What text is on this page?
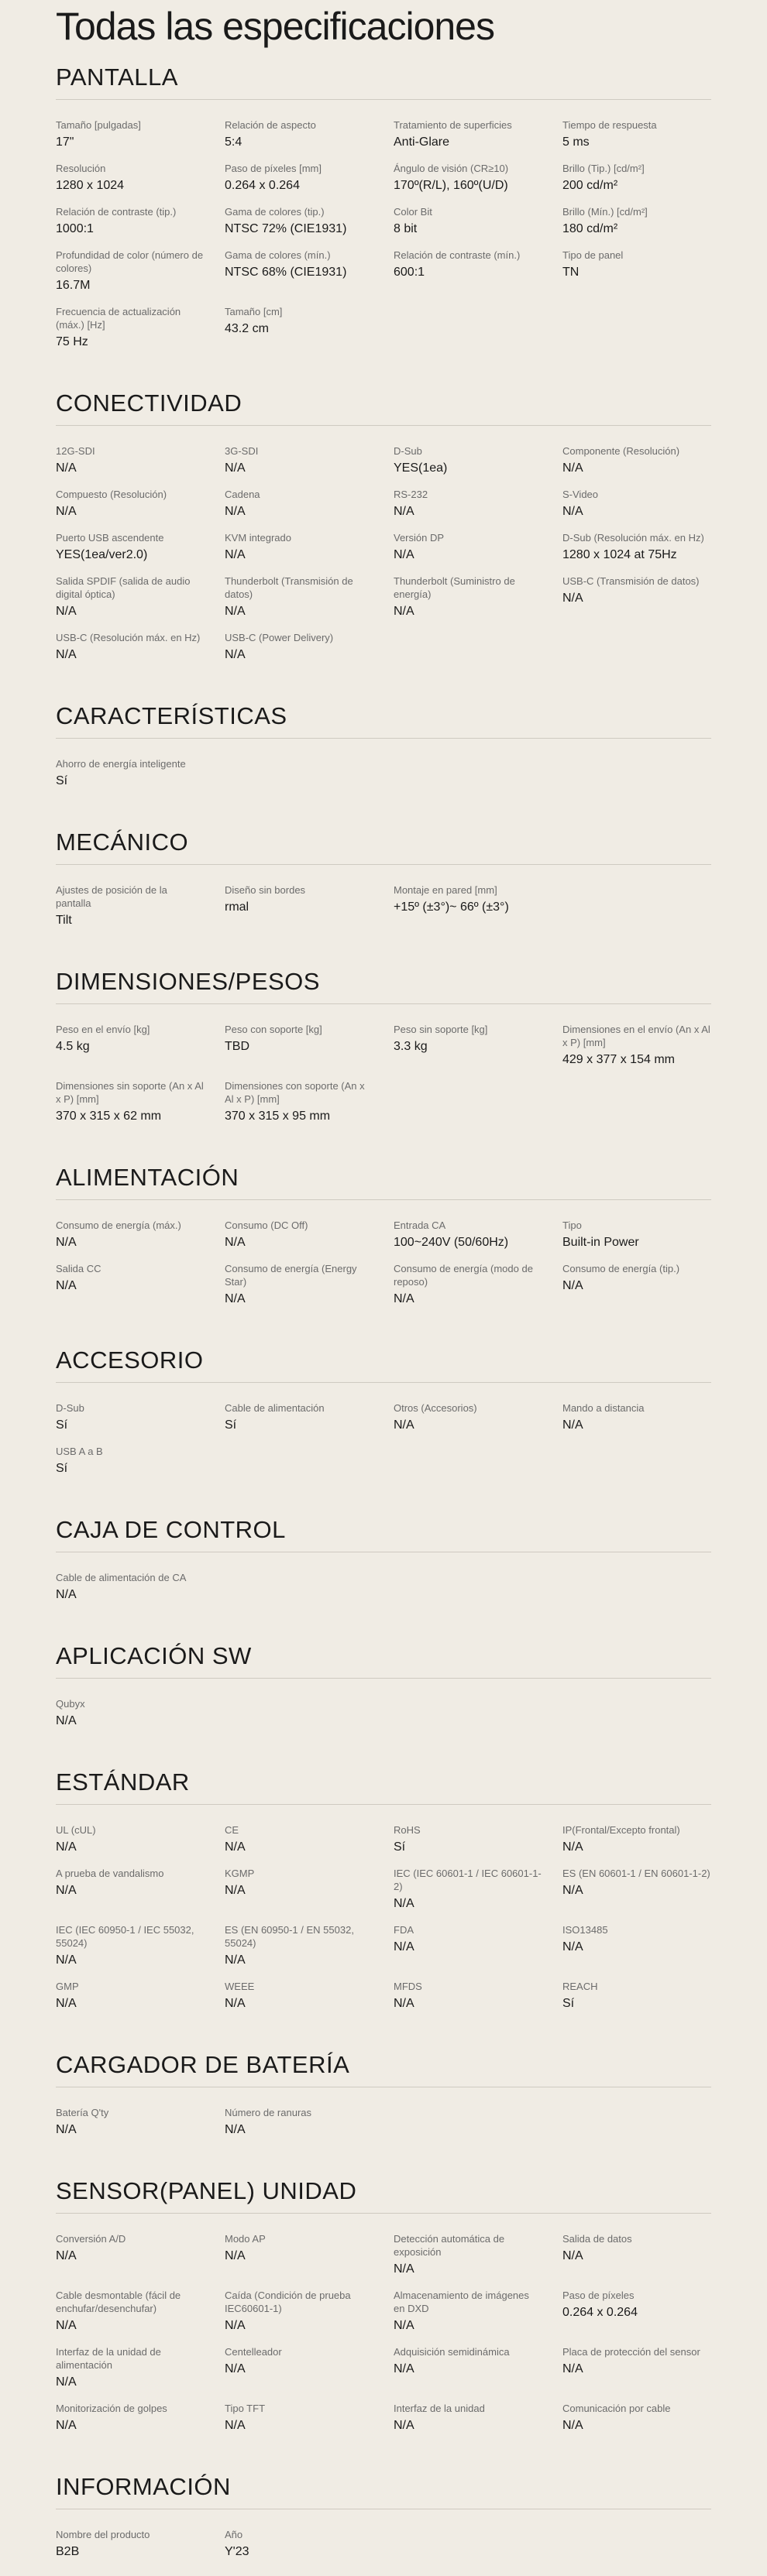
Todas las especificaciones
PANTALLA
Tamaño [pulgadas]
17"
Relación de aspecto
5:4
Tratamiento de superficies
Anti-Glare
Tiempo de respuesta
5 ms
Resolución
1280 x 1024
Paso de píxeles [mm]
0.264 x 0.264
Ángulo de visión (CR≥10)
170º(R/L), 160º(U/D)
Brillo (Tip.) [cd/m²]
200 cd/m²
Relación de contraste (tip.)
1000:1
Gama de colores (tip.)
NTSC 72% (CIE1931)
Color Bit
8 bit
Brillo (Mín.) [cd/m²]
180 cd/m²
Profundidad de color (número de colores)
16.7M
Gama de colores (mín.)
NTSC 68% (CIE1931)
Relación de contraste (mín.)
600:1
Tipo de panel
TN
Frecuencia de actualización (máx.) [Hz]
75 Hz
Tamaño [cm]
43.2 cm
CONECTIVIDAD
12G-SDI
N/A
3G-SDI
N/A
D-Sub
YES(1ea)
Componente (Resolución)
N/A
Compuesto (Resolución)
N/A
Cadena
N/A
RS-232
N/A
S-Video
N/A
Puerto USB ascendente
YES(1ea/ver2.0)
KVM integrado
N/A
Versión DP
N/A
D-Sub (Resolución máx. en Hz)
1280 x 1024 at 75Hz
Salida SPDIF (salida de audio digital óptica)
N/A
Thunderbolt (Transmisión de datos)
N/A
Thunderbolt (Suministro de energía)
N/A
USB-C (Transmisión de datos)
N/A
USB-C (Resolución máx. en Hz)
N/A
USB-C (Power Delivery)
N/A
CARACTERÍSTICAS
Ahorro de energía inteligente
Sí
MECÁNICO
Ajustes de posición de la pantalla
Tilt
Diseño sin bordes
rmal
Montaje en pared [mm]
+15º (±3°)~ 66º (±3°)
DIMENSIONES/PESOS
Peso en el envío [kg]
4.5 kg
Peso con soporte [kg]
TBD
Peso sin soporte [kg]
3.3 kg
Dimensiones en el envío (An x Al x P) [mm]
429 x 377 x 154 mm
Dimensiones sin soporte (An x Al x P) [mm]
370 x 315 x 62 mm
Dimensiones con soporte (An x Al x P) [mm]
370 x 315 x 95 mm
ALIMENTACIÓN
Consumo de energía (máx.)
N/A
Consumo (DC Off)
N/A
Entrada CA
100~240V (50/60Hz)
Tipo
Built-in Power
Salida CC
N/A
Consumo de energía (Energy Star)
N/A
Consumo de energía (modo de reposo)
N/A
Consumo de energía (tip.)
N/A
ACCESORIO
D-Sub
Sí
Cable de alimentación
Sí
Otros (Accesorios)
N/A
Mando a distancia
N/A
USB A a B
Sí
CAJA DE CONTROL
Cable de alimentación de CA
N/A
APLICACIÓN SW
Qubyx
N/A
ESTÁNDAR
UL (cUL)
N/A
CE
N/A
RoHS
Sí
IP(Frontal/Excepto frontal)
N/A
A prueba de vandalismo
N/A
KGMP
N/A
IEC (IEC 60601-1 / IEC 60601-1-2)
N/A
ES (EN 60601-1 / EN 60601-1-2)
N/A
IEC (IEC 60950-1 / IEC 55032, 55024)
N/A
ES (EN 60950-1 / EN 55032, 55024)
N/A
FDA
N/A
ISO13485
N/A
GMP
N/A
WEEE
N/A
MFDS
N/A
REACH
Sí
CARGADOR DE BATERÍA
Batería Q'ty
N/A
Número de ranuras
N/A
SENSOR(PANEL) UNIDAD
Conversión A/D
N/A
Modo AP
N/A
Detección automática de exposición
N/A
Salida de datos
N/A
Cable desmontable (fácil de enchufar/desenchufar)
N/A
Caída (Condición de prueba IEC60601-1)
N/A
Almacenamiento de imágenes en DXD
N/A
Paso de píxeles
0.264 x 0.264
Interfaz de la unidad de alimentación
N/A
Centelleador
N/A
Adquisición semidinámica
N/A
Placa de protección del sensor
N/A
Monitorización de golpes
N/A
Tipo TFT
N/A
Interfaz de la unidad
N/A
Comunicación por cable
N/A
INFORMACIÓN
Nombre del producto
B2B
Año
Y'23
